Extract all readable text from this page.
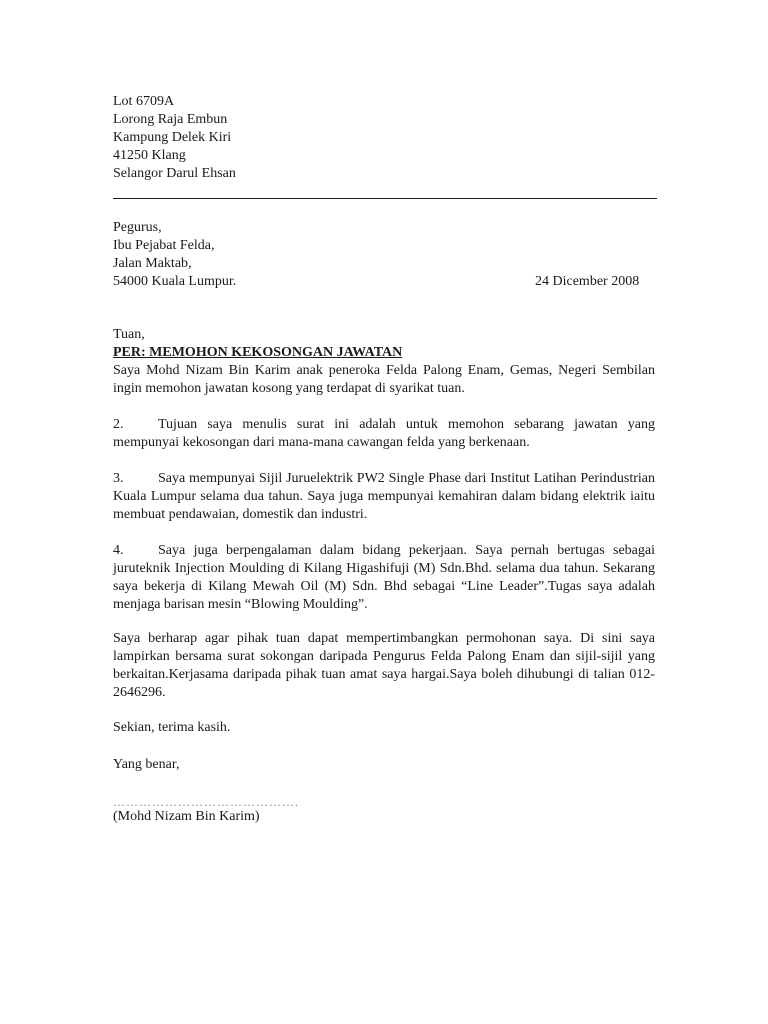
Lot 6709A
Lorong Raja Embun
Kampung Delek Kiri
41250 Klang
Selangor Darul Ehsan
Pegurus,
Ibu Pejabat Felda,
Jalan Maktab,
54000 Kuala Lumpur.	24 Dicember 2008
Tuan,
PER: MEMOHON KEKOSONGAN JAWATAN
Saya Mohd Nizam Bin Karim anak peneroka Felda Palong Enam, Gemas, Negeri Sembilan ingin memohon jawatan kosong yang terdapat di syarikat tuan.
2. Tujuan saya menulis surat ini adalah untuk memohon sebarang jawatan yang mempunyai kekosongan dari mana-mana cawangan felda yang berkenaan.
3. Saya mempunyai Sijil Juruelektrik PW2 Single Phase dari Institut Latihan Perindustrian Kuala Lumpur selama dua tahun. Saya juga mempunyai kemahiran dalam bidang elektrik iaitu membuat pendawaian, domestik dan industri.
4. Saya juga berpengalaman dalam bidang pekerjaan. Saya pernah bertugas sebagai juruteknik Injection Moulding di Kilang Higashifuji (M) Sdn.Bhd. selama dua tahun. Sekarang saya bekerja di Kilang Mewah Oil (M) Sdn. Bhd sebagai “Line Leader”.Tugas saya adalah menjaga barisan mesin “Blowing Moulding”.
Saya berharap agar pihak tuan dapat mempertimbangkan permohonan saya. Di sini saya lampirkan bersama surat sokongan daripada Pengurus Felda Palong Enam dan sijil-sijil yang berkaitan.Kerjasama daripada pihak tuan amat saya hargai.Saya boleh dihubungi di talian 012-2646296.
Sekian, terima kasih.
Yang benar,
…………………………………….
(Mohd Nizam Bin Karim)
